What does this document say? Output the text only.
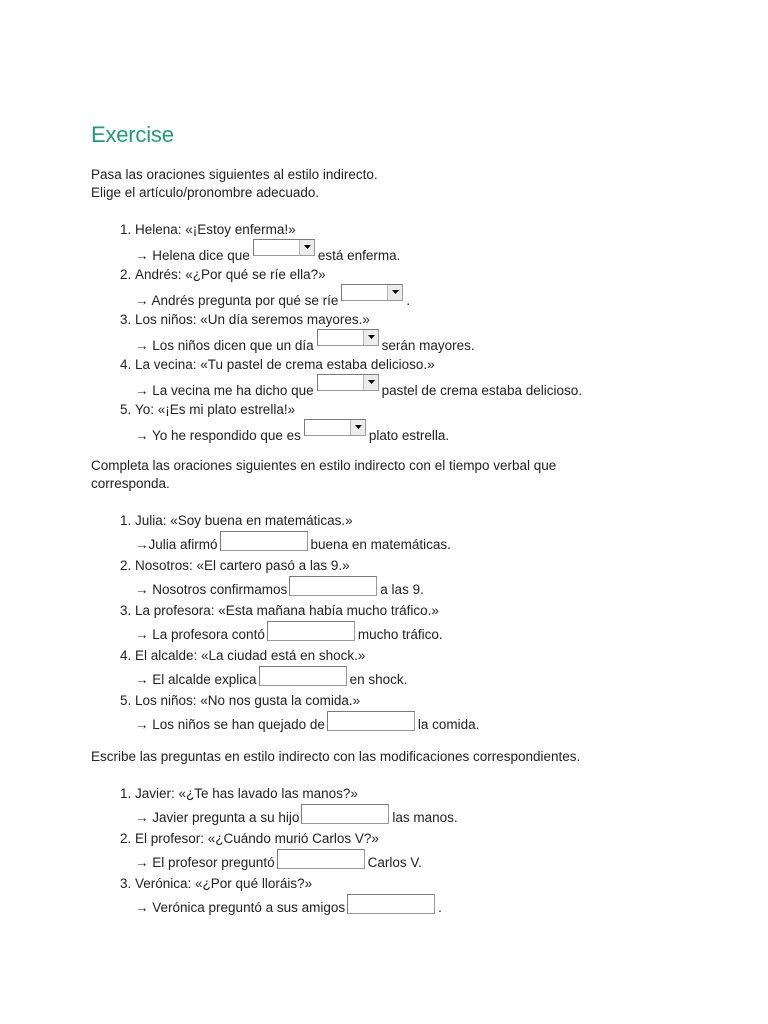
Exercise

Pasa las oraciones siguientes al estilo indirecto.

Elige el artículo/pronombre adecuado.

1. Helena: «¡Estoy enferma!»
→ Helena dice que	está enferma.
2. Andrés: «¿Por qué se ríe ella?»
→ Andrés pregunta por qué se ríe	.
3. Los niños: «Un día seremos mayores.»
→ Los niños dicen que un día	serán mayores.
4. La vecina: «Tu pastel de crema estaba delicioso.»
→ La vecina me ha dicho que	pastel de crema estaba delicioso.
5. Yo: «¡Es mi plato estrella!»
→ Yo he respondido que es	plato estrella.

Completa las oraciones siguientes en estilo indirecto con el tiempo verbal que

corresponda.

1. Julia: «Soy buena en matemáticas.»
→Julia afirmó	buena en matemáticas.
2. Nosotros: «El cartero pasó a las 9.»
→ Nosotros confirmamos	a las 9.
3. La profesora: «Esta mañana había mucho tráfico.»
→ La profesora contó	mucho tráfico.
4. El alcalde: «La ciudad está en shock.»
→ El alcalde explica	en shock.
5. Los niños: «No nos gusta la comida.»
→ Los niños se han quejado de	la comida.

Escribe las preguntas en estilo indirecto con las modificaciones correspondientes.

1. Javier: «¿Te has lavado las manos?»
→ Javier pregunta a su hijo	las manos.
2. El profesor: «¿Cuándo murió Carlos V?»
→ El profesor preguntó	Carlos V.
3. Verónica: «¿Por qué lloráis?»
→ Verónica preguntó a sus amigos	.
